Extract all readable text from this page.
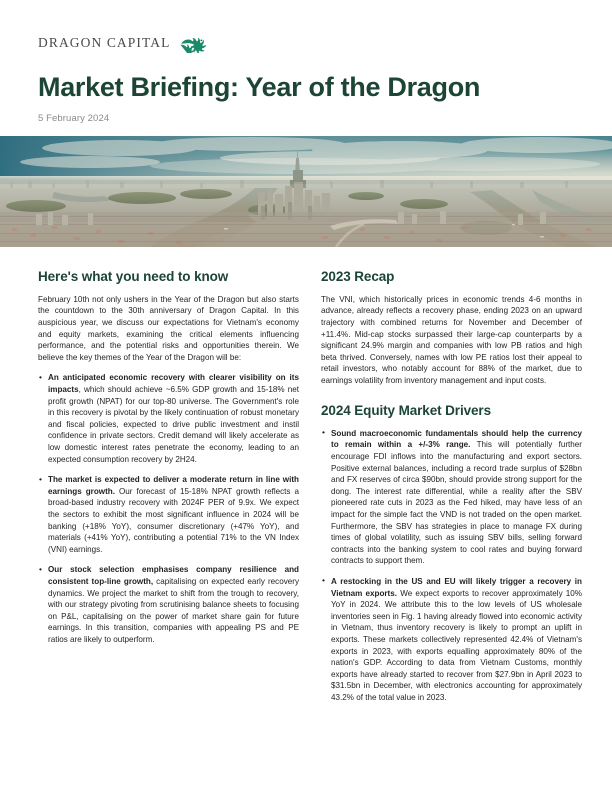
DRAGON CAPITAL
Market Briefing: Year of the Dragon
5 February 2024
Here's what you need to know

February 10th not only ushers in the Year of the Dragon but also starts the countdown to the 30th anniversary of Dragon Capital. In this auspicious year, we discuss our expectations for Vietnam's economy and equity markets, examining the critical elements influencing performance, and the potential risks and opportunities therein. We believe the key themes of the Year of the Dragon will be:

• An anticipated economic recovery with clearer visibility on its impacts, which should achieve ~6.5% GDP growth and 15-18% net profit growth (NPAT) for our top-80 universe. The Government's role in this recovery is pivotal by the likely continuation of robust monetary and fiscal policies, expected to drive public investment and instil confidence in private sectors. Credit demand will likely accelerate as low domestic interest rates penetrate the economy, leading to an expected consumption recovery by 2H24.
• The market is expected to deliver a moderate return in line with earnings growth. Our forecast of 15-18% NPAT growth reflects a broad-based industry recovery with 2024F PER of 9.9x. We expect the sectors to exhibit the most significant influence in 2024 will be banking (+18% YoY), consumer discretionary (+47% YoY), and materials (+41% YoY), contributing a potential 71% to the VN Index (VNI) earnings.
• Our stock selection emphasises company resilience and consistent top-line growth, capitalising on expected early recovery dynamics. We project the market to shift from the trough to recovery, with our strategy pivoting from scrutinising balance sheets to focusing on P&L, capitalising on the power of market share gain for future earnings. In this transition, companies with appealing PS and PE ratios are likely to outperform.
2023 Recap

The VNI, which historically prices in economic trends 4-6 months in advance, already reflects a recovery phase, ending 2023 on an upward trajectory with combined returns for November and December of +11.4%. Mid-cap stocks surpassed their large-cap counterparts by a significant 24.9% margin and companies with low PB ratios and high beta thrived. Conversely, names with low PE ratios lost their appeal to retail investors, who notably account for 88% of the market, due to earnings volatility from inventory management and input costs.

2024 Equity Market Drivers
• Sound macroeconomic fundamentals should help the currency to remain within a +/-3% range. This will potentially further encourage FDI inflows into the manufacturing and export sectors. Positive external balances, including a record trade surplus of $28bn and FX reserves of circa $90bn, should provide strong support for the dong. The interest rate differential, while a reality after the SBV pioneered rate cuts in 2023 as the Fed hiked, may have less of an impact for the simple fact the VND is not traded on the open market. Furthermore, the SBV has strategies in place to manage FX during times of global volatility, such as issuing SBV bills, selling forward contracts into the banking system to cool rates and buying forward contracts to support them.
• A restocking in the US and EU will likely trigger a recovery in Vietnam exports. We expect exports to recover approximately 10% YoY in 2024. We attribute this to the low levels of US wholesale inventories seen in Fig. 1 having already flowed into economic activity in Vietnam, thus inventory recovery is likely to prompt an uplift in exports. These markets collectively represented 42.4% of Vietnam's exports in 2023, with exports equalling approximately 80% of the nation's GDP. According to data from Vietnam Customs, monthly exports have already started to recover from $27.9bn in April 2023 to $31.5bn in December, with electronics accounting for approximately 43.2% of the total value in 2023.
